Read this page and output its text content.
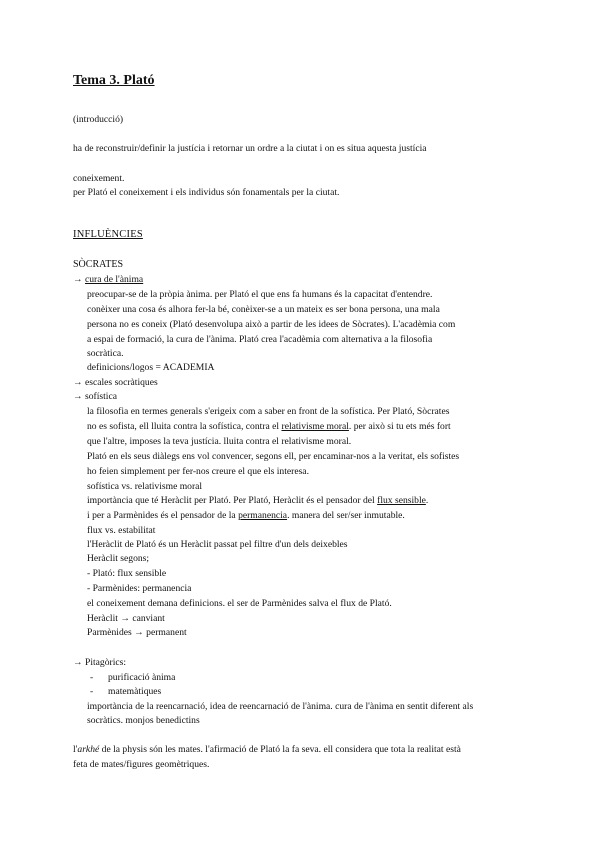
Tema 3. Plató
(introducció)
ha de reconstruir/definir la justícia i retornar un ordre a la ciutat i on es situa aquesta justícia
coneixement.
per Plató el coneixement i els individus són fonamentals per la ciutat.
INFLUÈNCIES
SÒCRATES
→ cura de l'ànima
preocupar-se de la pròpia ànima. per Plató el que ens fa humans és la capacitat d'entendre.
conèixer una cosa és alhora fer-la bé, conèixer-se a un mateix es ser bona persona, una mala
persona no es coneix (Plató desenvolupa això a partir de les idees de Sòcrates). L'acadèmia com
a espai de formació, la cura de l'ànima. Plató crea l'acadèmia com alternativa a la filosofia
socràtica.
definicions/logos = ACADEMIA
→ escales socràtiques
→ sofística
la filosofia en termes generals s'erigeix com a saber en front de la sofística. Per Plató, Sòcrates
no es sofista, ell lluita contra la sofística, contra el relativisme moral. per això si tu ets més fort
que l'altre, imposes la teva justícia. lluita contra el relativisme moral.
Plató en els seus diàlegs ens vol convencer, segons ell, per encaminar-nos a la veritat, els sofistes
ho feien simplement per fer-nos creure el que els interesa.
sofística vs. relativisme moral
importància que té Heràclit per Plató. Per Plató, Heràclit és el pensador del flux sensible.
i per a Parmènides és el pensador de la permanencia. manera del ser/ser inmutable.
flux vs. estabilitat
l'Heràclit de Plató és un Heràclit passat pel filtre d'un dels deixebles
Heràclit segons;
- Plató: flux sensible
- Parmènides: permanencia
el coneixement demana definicions. el ser de Parmènides salva el flux de Plató.
Heràclit → canviant
Parmènides → permanent
→ Pitagòrics:
- purificació ànima
- matemàtiques
importància de la reencarnació, idea de reencarnació de l'ànima. cura de l'ànima en sentit diferent als
socràtics. monjos benedictins
l'arkhé de la physis són les mates. l'afirmació de Plató la fa seva. ell considera que tota la realitat està
feta de mates/figures geomètriques.
